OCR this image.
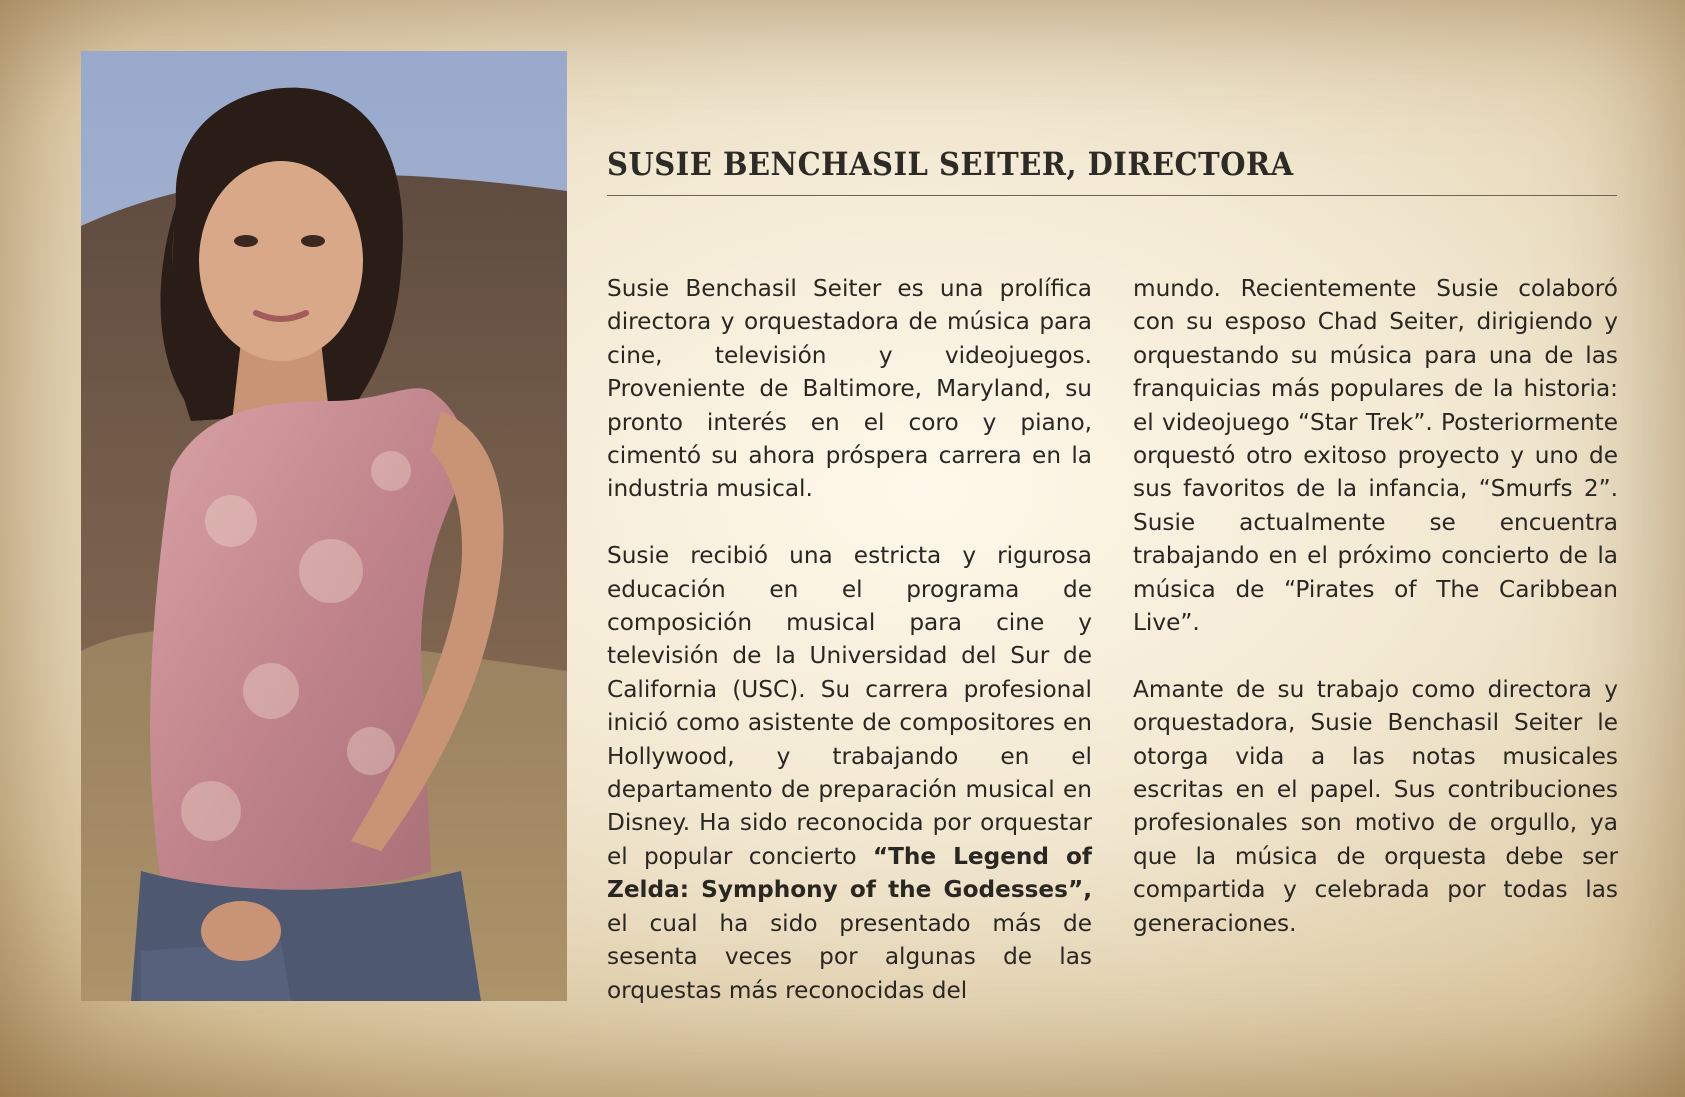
SUSIE BENCHASIL SEITER, DIRECTORA

Susie Benchasil Seiter es una prolífica directora y orquestadora de música para cine, televisión y videojuegos. Proveniente de Baltimore, Maryland, su pronto interés en el coro y piano, cimentó su ahora próspera carrera en la industria musical.

Susie recibió una estricta y rigurosa educación en el programa de composición musical para cine y televisión de la Universidad del Sur de California (USC). Su carrera profesional inició como asistente de compositores en Hollywood, y trabajando en el departamento de preparación musical en Disney. Ha sido reconocida por orquestar el popular concierto “The Legend of Zelda: Symphony of the Godesses”, el cual ha sido presentado más de sesenta veces por algunas de las orquestas más reconocidas del

mundo. Recientemente Susie colaboró con su esposo Chad Seiter, dirigiendo y orquestando su música para una de las franquicias más populares de la historia: el videojuego “Star Trek”. Posteriormente orquestó otro exitoso proyecto y uno de sus favoritos de la infancia, “Smurfs 2”. Susie actualmente se encuentra trabajando en el próximo concierto de la música de “Pirates of The Caribbean Live”.

Amante de su trabajo como directora y orquestadora, Susie Benchasil Seiter le otorga vida a las notas musicales escritas en el papel. Sus contribuciones profesionales son motivo de orgullo, ya que la música de orquesta debe ser compartida y celebrada por todas las generaciones.
